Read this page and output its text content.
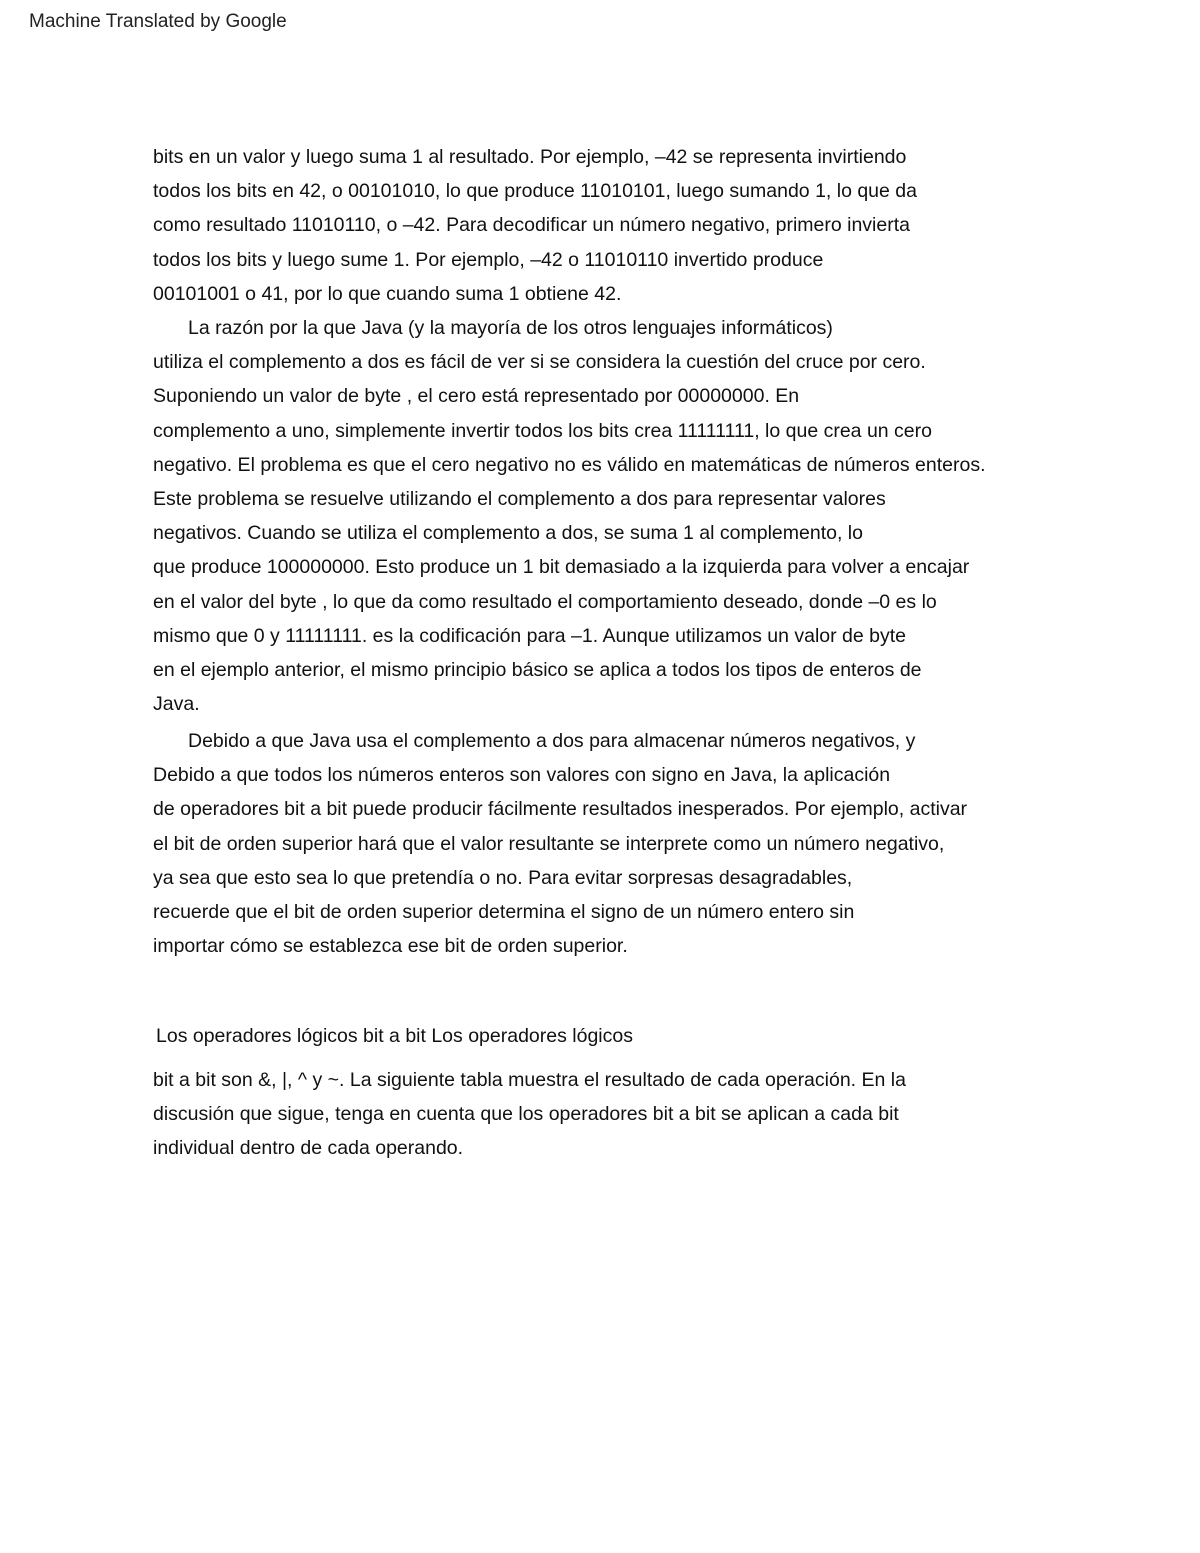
Machine Translated by Google

bits en un valor y luego suma 1 al resultado. Por ejemplo, –42 se representa invirtiendo
todos los bits en 42, o 00101010, lo que produce 11010101, luego sumando 1, lo que da
como resultado 11010110, o –42. Para decodificar un número negativo, primero invierta
todos los bits y luego sume 1. Por ejemplo, –42 o 11010110 invertido produce
00101001 o 41, por lo que cuando suma 1 obtiene 42.

La razón por la que Java (y la mayoría de los otros lenguajes informáticos)
utiliza el complemento a dos es fácil de ver si se considera la cuestión del cruce por cero.
Suponiendo un valor de byte , el cero está representado por 00000000. En
complemento a uno, simplemente invertir todos los bits crea 11111111, lo que crea un cero
negativo. El problema es que el cero negativo no es válido en matemáticas de números enteros.
Este problema se resuelve utilizando el complemento a dos para representar valores
negativos. Cuando se utiliza el complemento a dos, se suma 1 al complemento, lo
que produce 100000000. Esto produce un 1 bit demasiado a la izquierda para volver a encajar
en el valor del byte , lo que da como resultado el comportamiento deseado, donde –0 es lo
mismo que 0 y 11111111. es la codificación para –1. Aunque utilizamos un valor de byte
en el ejemplo anterior, el mismo principio básico se aplica a todos los tipos de enteros de
Java.

Debido a que Java usa el complemento a dos para almacenar números negativos, y
Debido a que todos los números enteros son valores con signo en Java, la aplicación
de operadores bit a bit puede producir fácilmente resultados inesperados. Por ejemplo, activar
el bit de orden superior hará que el valor resultante se interprete como un número negativo,
ya sea que esto sea lo que pretendía o no. Para evitar sorpresas desagradables,
recuerde que el bit de orden superior determina el signo de un número entero sin
importar cómo se establezca ese bit de orden superior.

Los operadores lógicos bit a bit Los operadores lógicos

bit a bit son &, |, ^ y ~. La siguiente tabla muestra el resultado de cada operación. En la
discusión que sigue, tenga en cuenta que los operadores bit a bit se aplican a cada bit
individual dentro de cada operando.
